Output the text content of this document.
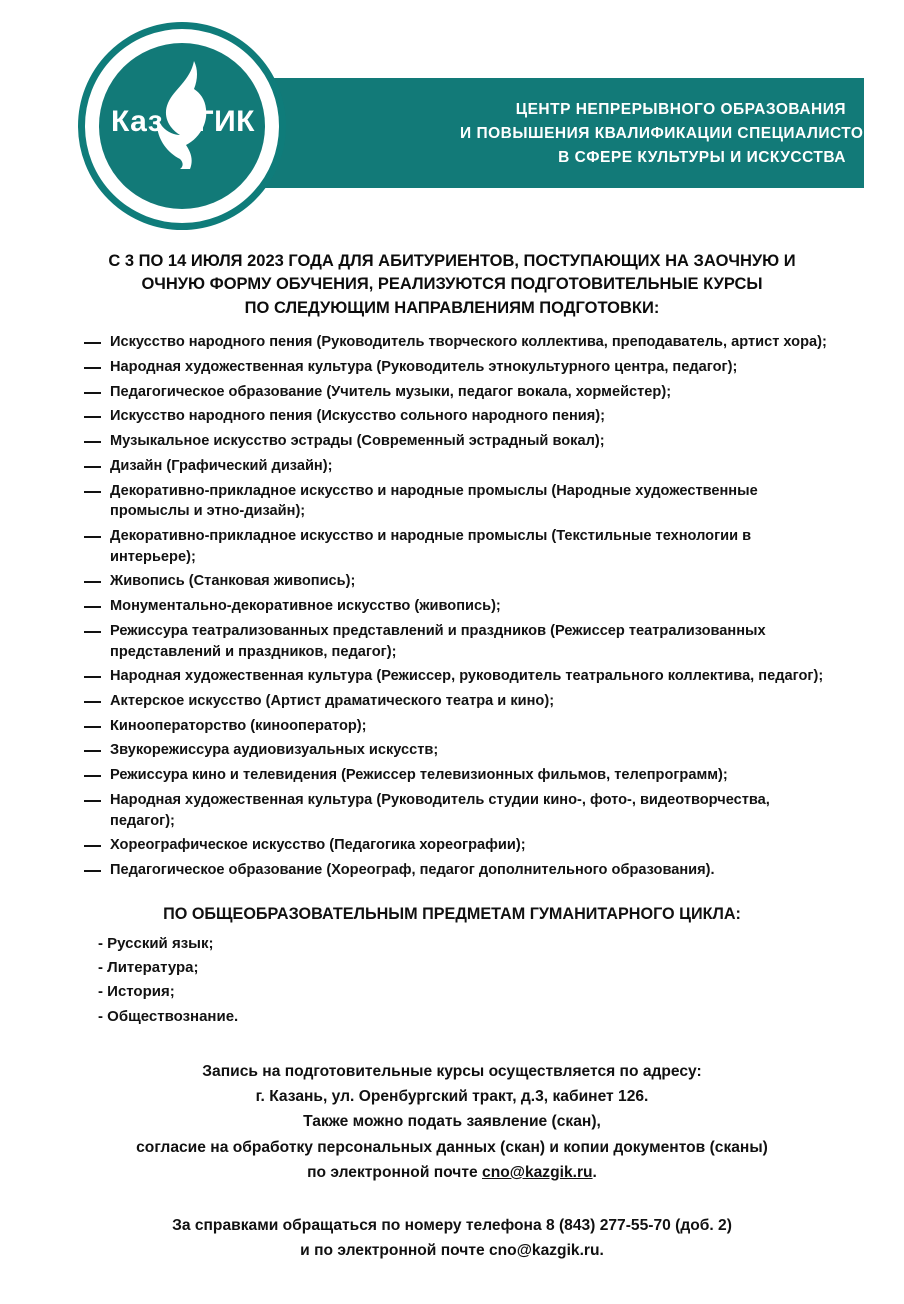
ЦЕНТР НЕПРЕРЫВНОГО ОБРАЗОВАНИЯ
И ПОВЫШЕНИЯ КВАЛИФИКАЦИИ СПЕЦИАЛИСТОВ
В СФЕРЕ КУЛЬТУРЫ И ИСКУССТВА
Каз ГИК
С 3 ПО 14 ИЮЛЯ 2023 ГОДА ДЛЯ АБИТУРИЕНТОВ, ПОСТУПАЮЩИХ НА ЗАОЧНУЮ И
ОЧНУЮ ФОРМУ ОБУЧЕНИЯ, РЕАЛИЗУЮТСЯ ПОДГОТОВИТЕЛЬНЫЕ КУРСЫ
ПО СЛЕДУЮЩИМ НАПРАВЛЕНИЯМ ПОДГОТОВКИ:
Искусство народного пения (Руководитель творческого коллектива, преподаватель, артист хора);
Народная художественная культура (Руководитель этнокультурного центра, педагог);
Педагогическое образование (Учитель музыки, педагог вокала, хормейстер);
Искусство народного пения (Искусство сольного народного пения);
Музыкальное искусство эстрады (Современный эстрадный вокал);
Дизайн (Графический дизайн);
Декоративно-прикладное искусство и народные промыслы (Народные художественные промыслы и этно-дизайн);
Декоративно-прикладное искусство и народные промыслы (Текстильные технологии в интерьере);
Живопись (Станковая живопись);
Монументально-декоративное искусство (живопись);
Режиссура театрализованных представлений и праздников (Режиссер театрализованных представлений и праздников, педагог);
Народная художественная культура (Режиссер, руководитель театрального коллектива, педагог);
Актерское искусство (Артист драматического театра и кино);
Кинооператорство (кинооператор);
Звукорежиссура аудиовизуальных искусств;
Режиссура кино и телевидения (Режиссер телевизионных фильмов, телепрограмм);
Народная художественная культура (Руководитель студии кино-, фото-, видеотворчества, педагог);
Хореографическое искусство (Педагогика хореографии);
Педагогическое образование (Хореограф, педагог дополнительного образования).
ПО ОБЩЕОБРАЗОВАТЕЛЬНЫМ ПРЕДМЕТАМ ГУМАНИТАРНОГО ЦИКЛА:
- Русский язык;
- Литература;
- История;
- Обществознание.
Запись на подготовительные курсы осуществляется по адресу:
г. Казань, ул. Оренбургский тракт, д.3, кабинет 126.
Также можно подать заявление (скан),
согласие на обработку персональных данных (скан) и копии документов (сканы)
по электронной почте cno@kazgik.ru.
За справками обращаться по номеру телефона 8 (843) 277-55-70 (доб. 2)
и по электронной почте cno@kazgik.ru.
